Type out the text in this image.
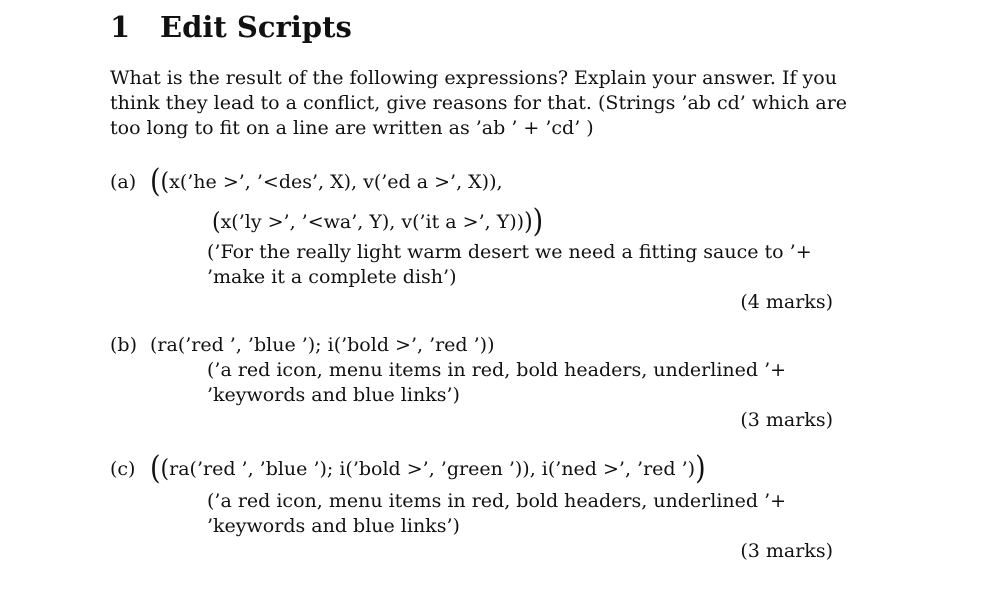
1 Edit Scripts
What is the result of the following expressions? Explain your answer. If you
think they lead to a conflict, give reasons for that. (Strings ’ab cd’ which are
too long to fit on a line are written as ’ab ’ + ’cd’ )
(a) ((x(’he >’, ’<des’, X), v(’ed a >’, X)),
(x(’ly >’, ’<wa’, Y), v(’it a >’, Y))))
(’For the really light warm desert we need a fitting sauce to ’+
’make it a complete dish’)
(4 marks)
(b) (ra(’red ’, ’blue ’); i(’bold >’, ’red ’))
(’a red icon, menu items in red, bold headers, underlined ’+
’keywords and blue links’)
(3 marks)
(c) ((ra(’red ’, ’blue ’); i(’bold >’, ’green ’)), i(’ned >’, ’red ’))
(’a red icon, menu items in red, bold headers, underlined ’+
’keywords and blue links’)
(3 marks)
